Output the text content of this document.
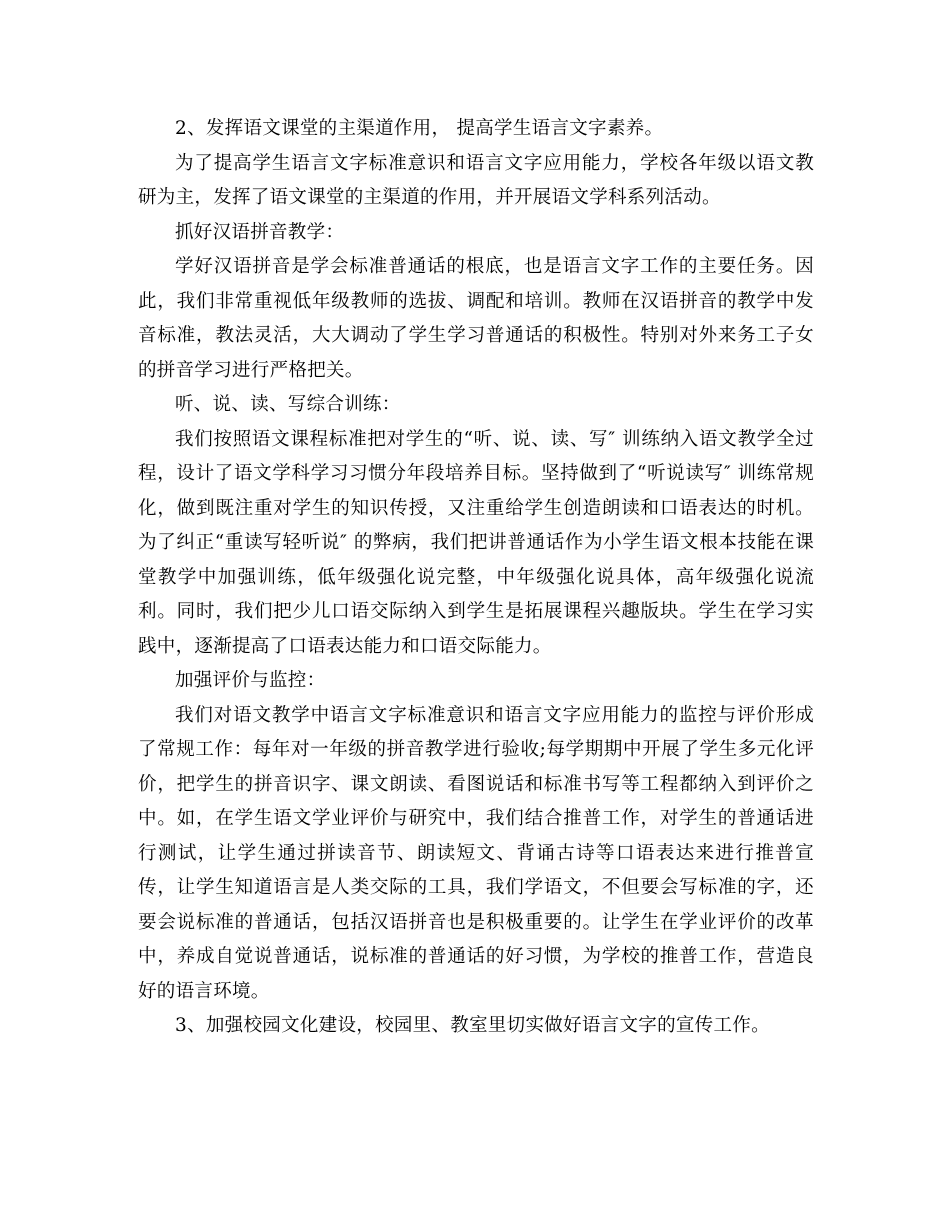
2、发挥语文课堂的主渠道作用， 提高学生语言文字素养。

为了提高学生语言文字标准意识和语言文字应用能力，学校各年级以语文教研为主，发挥了语文课堂的主渠道的作用，并开展语文学科系列活动。

抓好汉语拼音教学：

学好汉语拼音是学会标准普通话的根底，也是语言文字工作的主要任务。因此，我们非常重视低年级教师的选拔、调配和培训。教师在汉语拼音的教学中发音标准，教法灵活，大大调动了学生学习普通话的积极性。特别对外来务工子女的拼音学习进行严格把关。

听、说、读、写综合训练：

我们按照语文课程标准把对学生的“听、说、读、写″ 训练纳入语文教学全过程，设计了语文学科学习习惯分年段培养目标。坚持做到了“听说读写″ 训练常规化，做到既注重对学生的知识传授，又注重给学生创造朗读和口语表达的时机。为了纠正“重读写轻听说″ 的弊病，我们把讲普通话作为小学生语文根本技能在课堂教学中加强训练，低年级强化说完整，中年级强化说具体，高年级强化说流利。同时，我们把少儿口语交际纳入到学生是拓展课程兴趣版块。学生在学习实践中，逐渐提高了口语表达能力和口语交际能力。

加强评价与监控：

我们对语文教学中语言文字标准意识和语言文字应用能力的监控与评价形成了常规工作：每年对一年级的拼音教学进行验收;每学期期中开展了学生多元化评价，把学生的拼音识字、课文朗读、看图说话和标准书写等工程都纳入到评价之中。如，在学生语文学业评价与研究中，我们结合推普工作，对学生的普通话进行测试，让学生通过拼读音节、朗读短文、背诵古诗等口语表达来进行推普宣传，让学生知道语言是人类交际的工具，我们学语文，不但要会写标准的字，还要会说标准的普通话，包括汉语拼音也是积极重要的。让学生在学业评价的改革中，养成自觉说普通话，说标准的普通话的好习惯，为学校的推普工作，营造良好的语言环境。

3、加强校园文化建设，校园里、教室里切实做好语言文字的宣传工作。
